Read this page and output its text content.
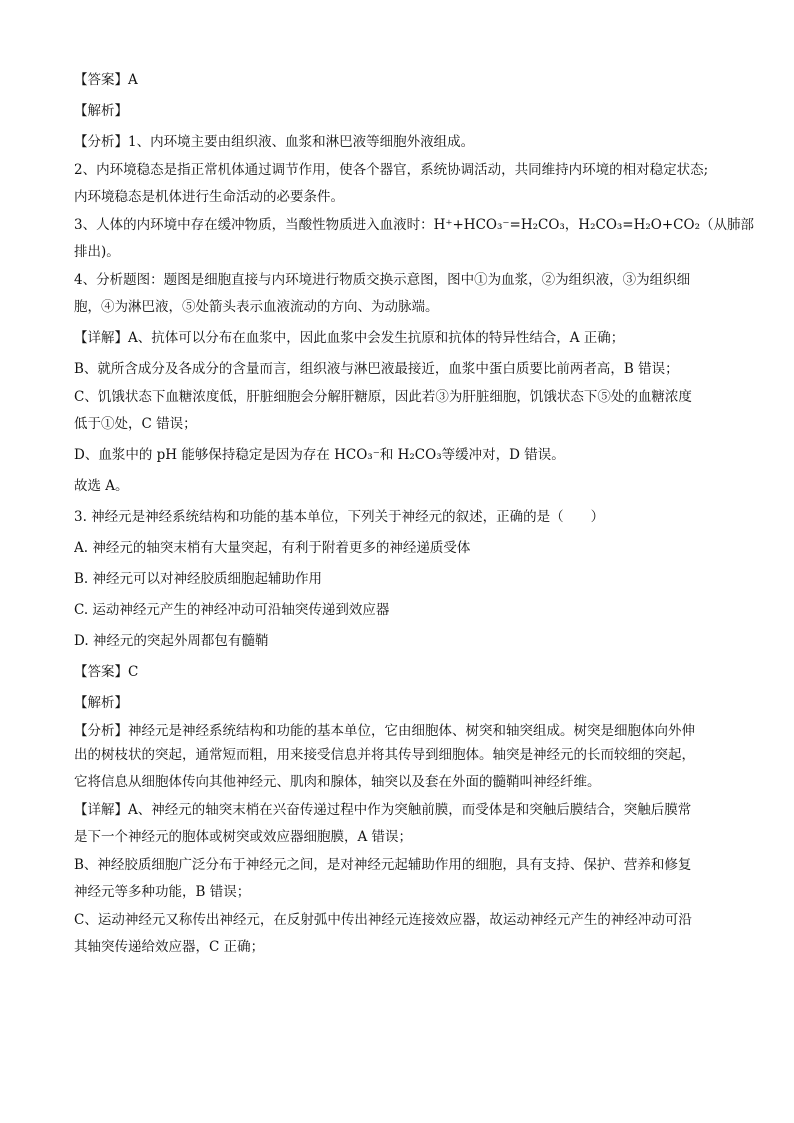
【答案】A

【解析】

【分析】1、内环境主要由组织液、血浆和淋巴液等细胞外液组成。

2、内环境稳态是指正常机体通过调节作用，使各个器官，系统协调活动，共同维持内环境的相对稳定状态;

内环境稳态是机体进行生命活动的必要条件。

3、人体的内环境中存在缓冲物质，当酸性物质进入血液时：H⁺+HCO₃⁻=H₂CO₃，H₂CO₃=H₂O+CO₂（从肺部

排出)。

4、分析题图：题图是细胞直接与内环境进行物质交换示意图，图中①为血浆，②为组织液，③为组织细

胞，④为淋巴液，⑤处箭头表示血液流动的方向、为动脉端。

【详解】A、抗体可以分布在血浆中，因此血浆中会发生抗原和抗体的特异性结合，A 正确；

B、就所含成分及各成分的含量而言，组织液与淋巴液最接近，血浆中蛋白质要比前两者高，B 错误；

C、饥饿状态下血糖浓度低，肝脏细胞会分解肝糖原，因此若③为肝脏细胞，饥饿状态下⑤处的血糖浓度

低于①处，C 错误；

D、血浆中的 pH 能够保持稳定是因为存在 HCO₃⁻和 H₂CO₃等缓冲对，D 错误。

故选 A。

3. 神经元是神经系统结构和功能的基本单位，下列关于神经元的叙述，正确的是（　　）

A. 神经元的轴突末梢有大量突起，有利于附着更多的神经递质受体

B. 神经元可以对神经胶质细胞起辅助作用

C. 运动神经元产生的神经冲动可沿轴突传递到效应器

D. 神经元的突起外周都包有髓鞘

【答案】C

【解析】

【分析】神经元是神经系统结构和功能的基本单位，它由细胞体、树突和轴突组成。树突是细胞体向外伸

出的树枝状的突起，通常短而粗，用来接受信息并将其传导到细胞体。轴突是神经元的长而较细的突起，

它将信息从细胞体传向其他神经元、肌肉和腺体，轴突以及套在外面的髓鞘叫神经纤维。

【详解】A、神经元的轴突末梢在兴奋传递过程中作为突触前膜，而受体是和突触后膜结合，突触后膜常

是下一个神经元的胞体或树突或效应器细胞膜，A 错误；

B、神经胶质细胞广泛分布于神经元之间，是对神经元起辅助作用的细胞，具有支持、保护、营养和修复

神经元等多种功能，B 错误；

C、运动神经元又称传出神经元，在反射弧中传出神经元连接效应器，故运动神经元产生的神经冲动可沿

其轴突传递给效应器，C 正确；
